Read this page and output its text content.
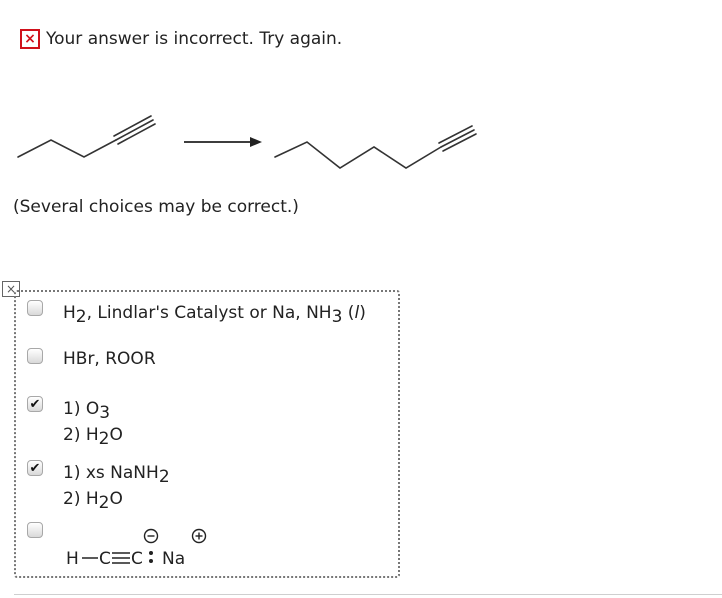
× Your answer is incorrect. Try again.
(Several choices may be correct.)
×
$H_2$, Lindlar's Catalyst or Na, $NH_3$ (l)
HBr, ROOR
✔ 1) $O_3$
2) $H_2O$
✔ 1) xs NaNH$_2$
2) $H_2O$
H C C Na
